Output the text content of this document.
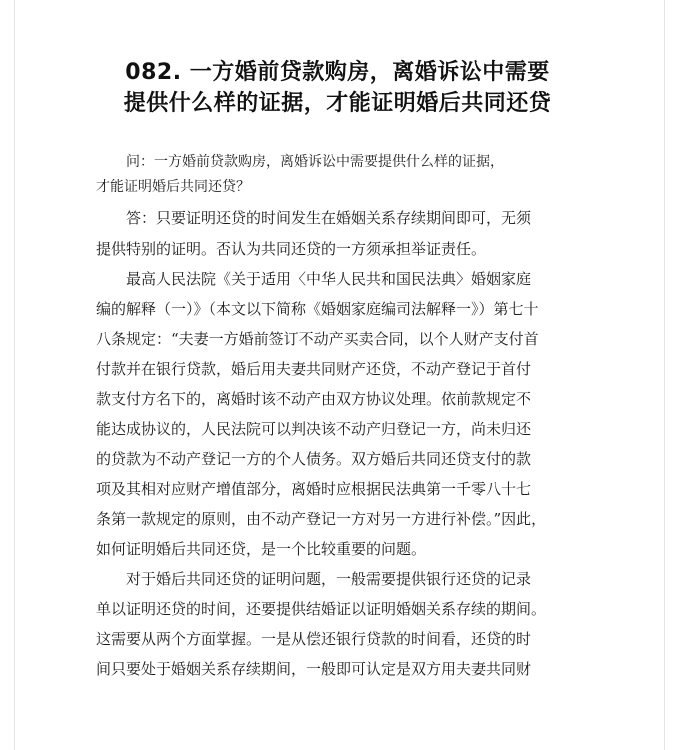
082. 一方婚前贷款购房，离婚诉讼中需要
提供什么样的证据，才能证明婚后共同还贷
问：一方婚前贷款购房，离婚诉讼中需要提供什么样的证据，
才能证明婚后共同还贷？
答：只要证明还贷的时间发生在婚姻关系存续期间即可，无须
提供特别的证明。否认为共同还贷的一方须承担举证责任。
最高人民法院《关于适用〈中华人民共和国民法典〉婚姻家庭
编的解释（一）》（本文以下简称《婚姻家庭编司法解释一》）第七十
八条规定：“夫妻一方婚前签订不动产买卖合同，以个人财产支付首
付款并在银行贷款，婚后用夫妻共同财产还贷，不动产登记于首付
款支付方名下的，离婚时该不动产由双方协议处理。依前款规定不
能达成协议的，人民法院可以判决该不动产归登记一方，尚未归还
的贷款为不动产登记一方的个人债务。双方婚后共同还贷支付的款
项及其相对应财产增值部分，离婚时应根据民法典第一千零八十七
条第一款规定的原则，由不动产登记一方对另一方进行补偿。”因此，
如何证明婚后共同还贷，是一个比较重要的问题。
对于婚后共同还贷的证明问题，一般需要提供银行还贷的记录
单以证明还贷的时间，还要提供结婚证以证明婚姻关系存续的期间。
这需要从两个方面掌握。一是从偿还银行贷款的时间看，还贷的时
间只要处于婚姻关系存续期间，一般即可认定是双方用夫妻共同财
